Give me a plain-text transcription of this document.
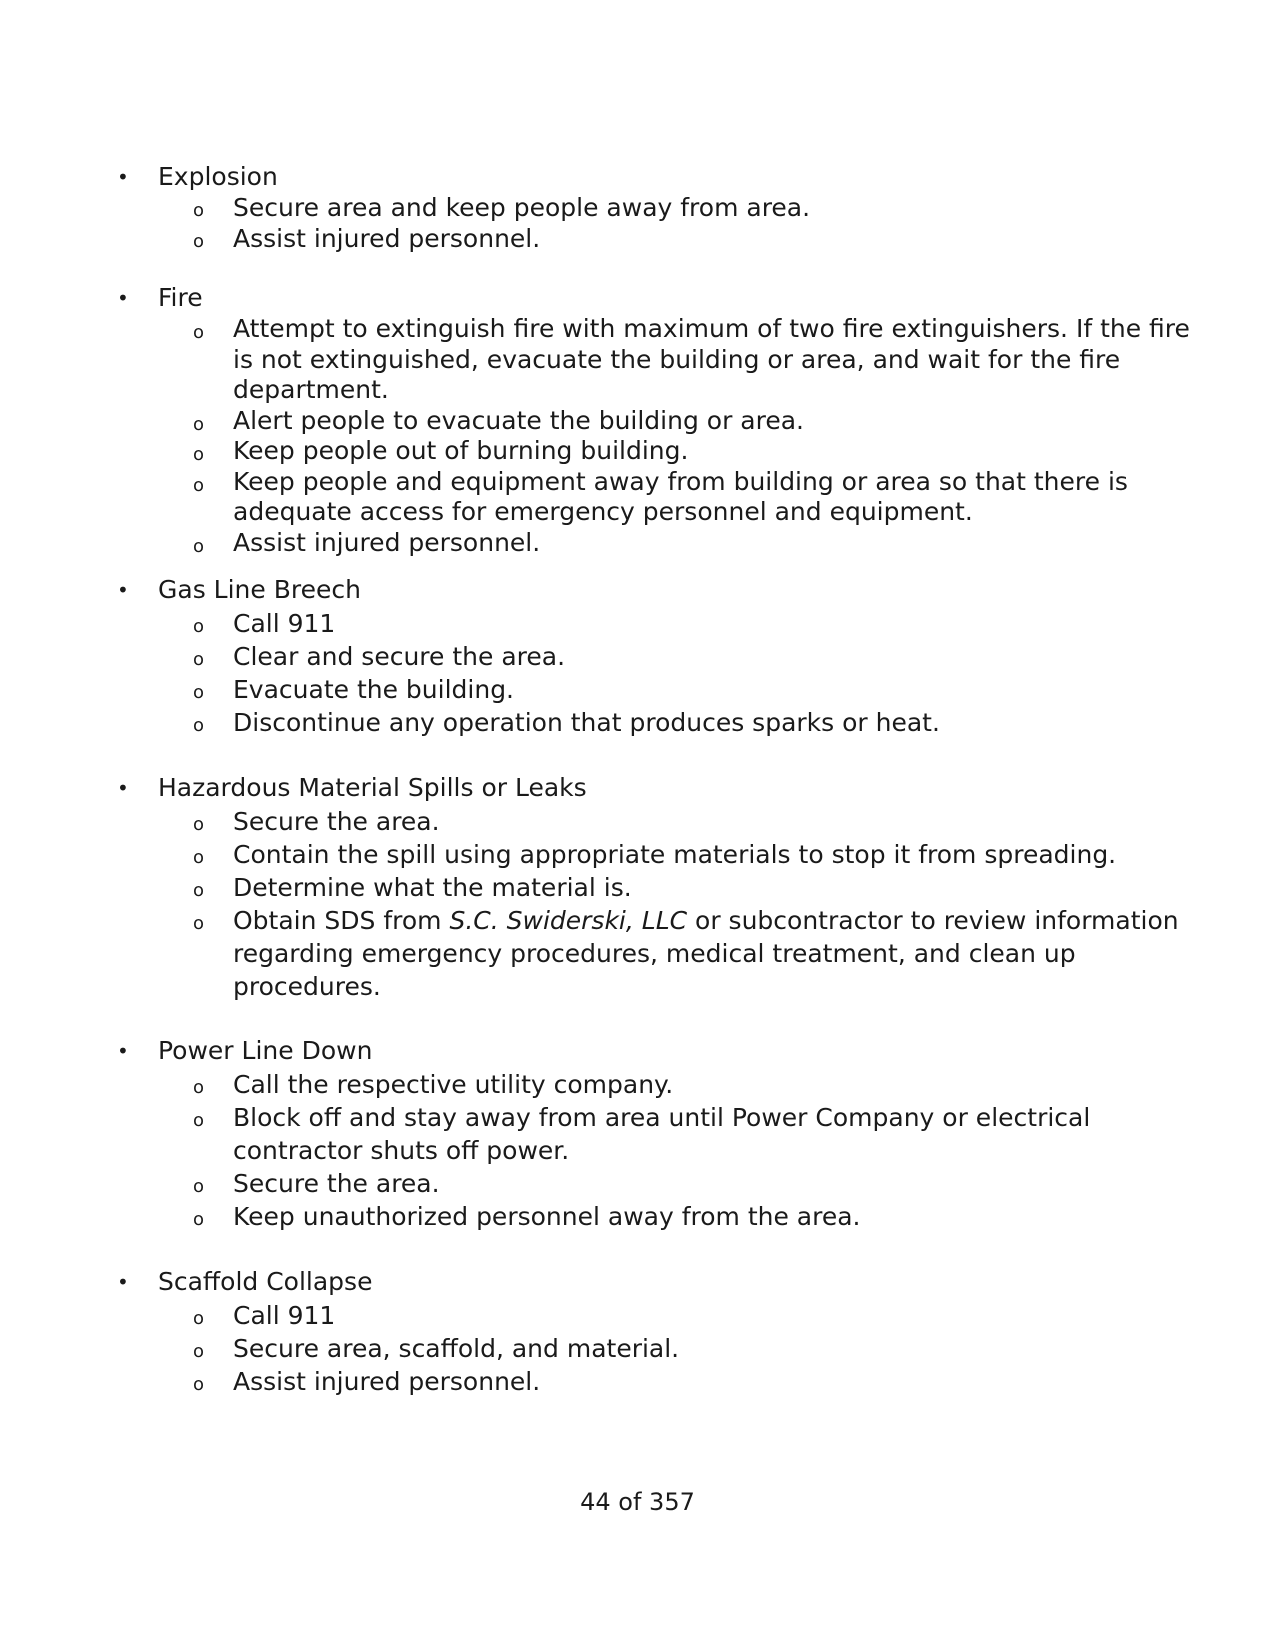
• Explosion
o Secure area and keep people away from area.
o Assist injured personnel.
• Fire
o Attempt to extinguish fire with maximum of two fire extinguishers. If the fire is not extinguished, evacuate the building or area, and wait for the fire department.
o Alert people to evacuate the building or area.
o Keep people out of burning building.
o Keep people and equipment away from building or area so that there is adequate access for emergency personnel and equipment.
o Assist injured personnel.
• Gas Line Breech
o Call 911
o Clear and secure the area.
o Evacuate the building.
o Discontinue any operation that produces sparks or heat.
• Hazardous Material Spills or Leaks
o Secure the area.
o Contain the spill using appropriate materials to stop it from spreading.
o Determine what the material is.
o Obtain SDS from S.C. Swiderski, LLC or subcontractor to review information regarding emergency procedures, medical treatment, and clean up procedures.
• Power Line Down
o Call the respective utility company.
o Block off and stay away from area until Power Company or electrical contractor shuts off power.
o Secure the area.
o Keep unauthorized personnel away from the area.
• Scaffold Collapse
o Call 911
o Secure area, scaffold, and material.
o Assist injured personnel.
44 of 357
